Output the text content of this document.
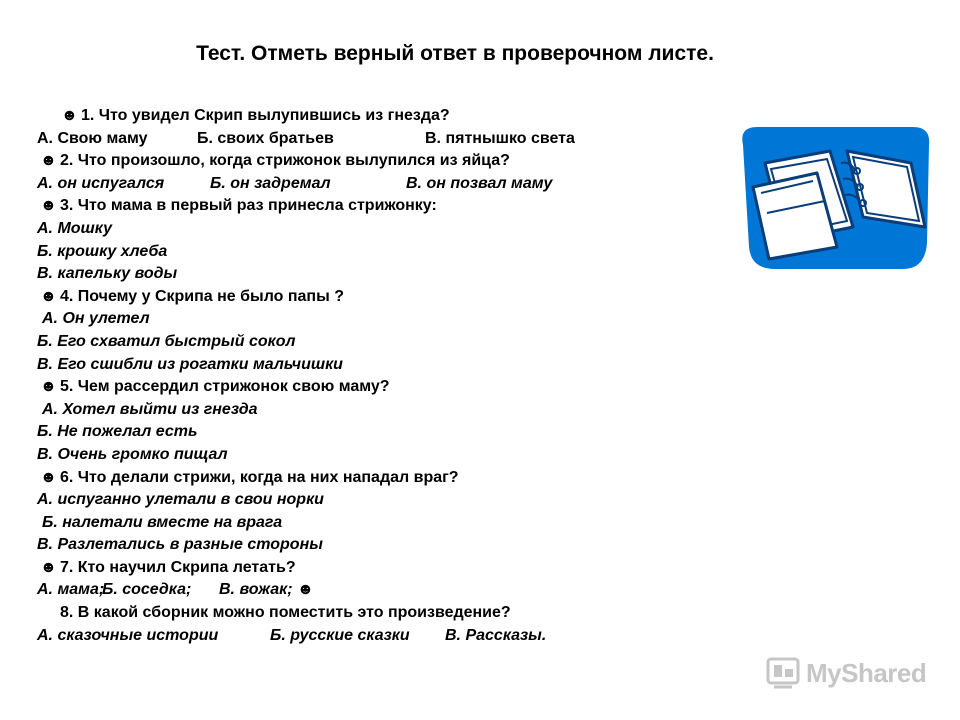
Тест. Отметь верный ответ в проверочном листе.
☻ 1. Что увидел Скрип вылупившись из гнезда?
А. Свою маму	Б. своих братьев	В. пятнышко света
☻ 2. Что произошло, когда стрижонок вылупился из яйца?
А. он испугался	Б. он задремал	В. он позвал маму
☻ 3. Что мама в первый раз принесла стрижонку:
А. Мошку
Б. крошку хлеба
В. капельку воды
☻ 4. Почему у Скрипа не было папы ?
А. Он улетел
Б. Его схватил быстрый сокол
В. Его сшибли из рогатки мальчишки
☻ 5. Чем рассердил стрижонок свою маму?
А. Хотел выйти из гнезда
Б. Не пожелал есть
В. Очень громко пищал
☻ 6. Что делали стрижи, когда на них нападал враг?
А. испуганно улетали в свои норки
Б. налетали вместе на врага
В. Разлетались в разные стороны
☻ 7. Кто научил Скрипа летать?
А. мама;Б. соседка; В. вожак; ☻
8. В какой сборник можно поместить это произведение?
А. сказочные истории	Б. русские сказки В. Рассказы.
MyShared
